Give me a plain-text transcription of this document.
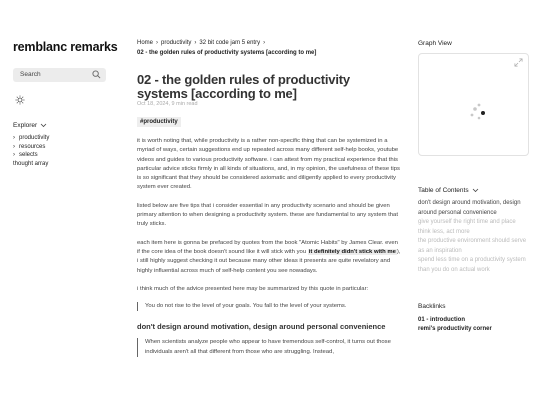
remblanc remarks
Search
Explorer
› productivity
› resources
› selects
thought array
Home › productivity › 32 bit code jam 5 entry ›
02 - the golden rules of productivity systems [according to me]
02 - the golden rules of productivity systems [according to me]
Oct 18, 2024, 9 min read
#productivity
it is worth noting that, while productivity is a rather non-specific thing that can be systemized in a myriad of ways, certain suggestions end up repeated across many different self-help books, youtube videos and guides to various productivity software. i can attest from my practical experience that this particular advice sticks firmly in all kinds of situations, and, in my opinion, the usefulness of these tips is so significant that they should be considered axiomatic and diligently applied to every productivity system ever created.
listed below are five tips that i consider essential in any productivity scenario and should be given primary attention to when designing a productivity system. these are fundamental to any system that truly sticks.
each item here is gonna be prefaced by quotes from the book "Atomic Habits" by James Clear. even if the core idea of the book doesn't sound like it will stick with you it definitely didn't stick with me), i still highly suggest checking it out because many other ideas it presents are quite revelatory and highly influential across much of self-help content you see nowadays.
i think much of the advice presented here may be summarized by this quote in particular:
You do not rise to the level of your goals. You fall to the level of your systems.
don't design around motivation, design around personal convenience
When scientists analyze people who appear to have tremendous self-control, it turns out those individuals aren't all that different from those who are struggling. Instead,
Graph View
Table of Contents
don't design around motivation, design around personal convenience
give yourself the right time and place
think less, act more
the productive environment should serve as an inspiration
spend less time on a productivity system than you do on actual work
Backlinks
01 - introduction
remi's productivity corner
